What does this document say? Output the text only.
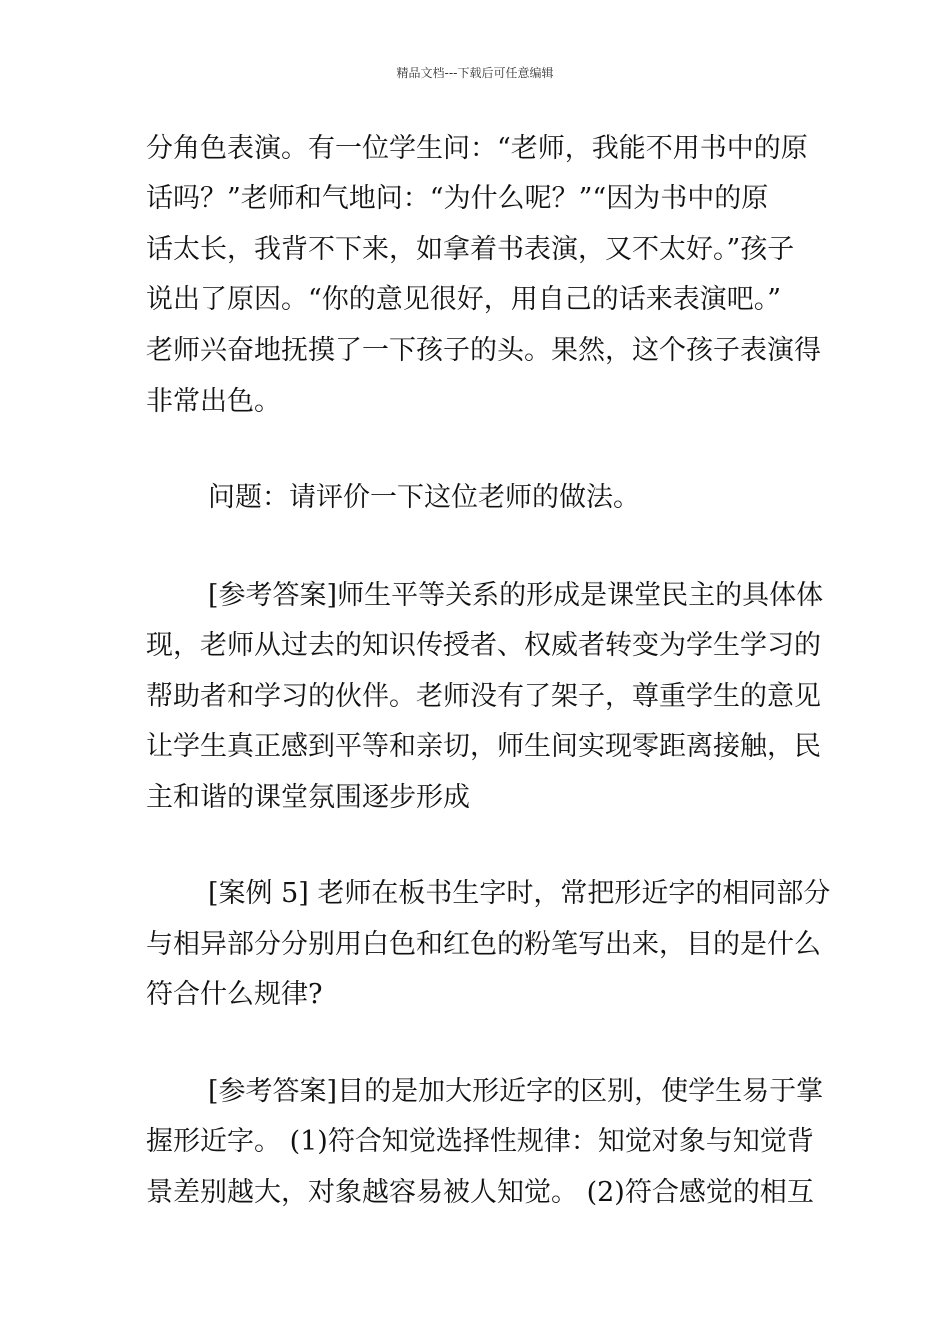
精品文档---下载后可任意编辑
分角色表演。有一位学生问：“老师，我能不用书中的原
话吗？”老师和气地问：“为什么呢？”“因为书中的原
话太长，我背不下来，如拿着书表演，又不太好。”孩子
说出了原因。“你的意见很好，用自己的话来表演吧。”
老师兴奋地抚摸了一下孩子的头。果然，这个孩子表演得
非常出色。
问题：请评价一下这位老师的做法。
[参考答案]师生平等关系的形成是课堂民主的具体体
现，老师从过去的知识传授者、权威者转变为学生学习的
帮助者和学习的伙伴。老师没有了架子，尊重学生的意见
让学生真正感到平等和亲切，师生间实现零距离接触，民
主和谐的课堂氛围逐步形成
[案例 5] 老师在板书生字时，常把形近字的相同部分
与相异部分分别用白色和红色的粉笔写出来，目的是什么
符合什么规律?
[参考答案]目的是加大形近字的区别，使学生易于掌
握形近字。 (1)符合知觉选择性规律：知觉对象与知觉背
景差别越大，对象越容易被人知觉。 (2)符合感觉的相互
